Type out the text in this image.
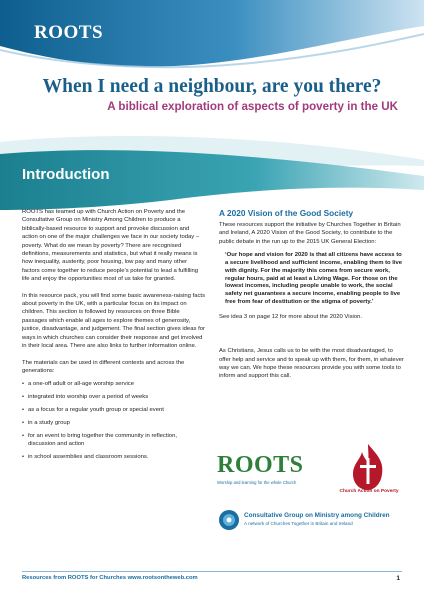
ROOTS
When I need a neighbour, are you there?
A biblical exploration of aspects of poverty in the UK
Introduction

ROOTS has teamed up with Church Action on Poverty and the Consultative Group on Ministry Among Children to produce a biblically-based resource to support and provoke discussion and action on one of the major challenges we face in our society today – poverty. What do we mean by poverty? There are recognised definitions, measurements and statistics, but what it really means is how inequality, austerity, poor housing, low pay and many other factors come together to reduce people’s potential to lead a fulfilling life and enjoy the opportunities most of us take for granted.

In this resource pack, you will find some basic awareness-raising facts about poverty in the UK, with a particular focus on its impact on children. This section is followed by resources on three Bible passages which enable all ages to explore themes of generosity, justice, disadvantage, and judgement. The final section gives ideas for ways in which churches can consider their response and get involved in their local area. There are also links to further information online.

The materials can be used in different contexts and across the generations:

• a one-off adult or all-age worship service
• integrated into worship over a period of weeks
• as a focus for a regular youth group or special event
• in a study group
• for an event to bring together the community in reflection, discussion and action
• in school assemblies and classroom sessions.
A 2020 Vision of the Good Society

These resources support the initiative by Churches Together in Britain and Ireland, A 2020 Vision of the Good Society, to contribute to the public debate in the run up to the 2015 UK General Election:

‘Our hope and vision for 2020 is that all citizens have access to a secure livelihood and sufficient income, enabling them to live with dignity. For the majority this comes from secure work, regular hours, paid at at least a Living Wage. For those on the lowest incomes, including people unable to work, the social safety net guarantees a secure income, enabling people to live free from fear of destitution or the stigma of poverty.’

See idea 3 on page 12 for more about the 2020 Vision.

As Christians, Jesus calls us to be with the most disadvantaged, to offer help and service and to speak up with them, for them, in whatever way we can. We hope these resources provide you with some tools to inform and support this call.

ROOTS
Worship and learning for the whole Church
Church Action on Poverty
Consultative Group on Ministry among Children
A network of Churches Together in Britain and Ireland
Resources from ROOTS for Churches www.rootsontheweb.com	1
